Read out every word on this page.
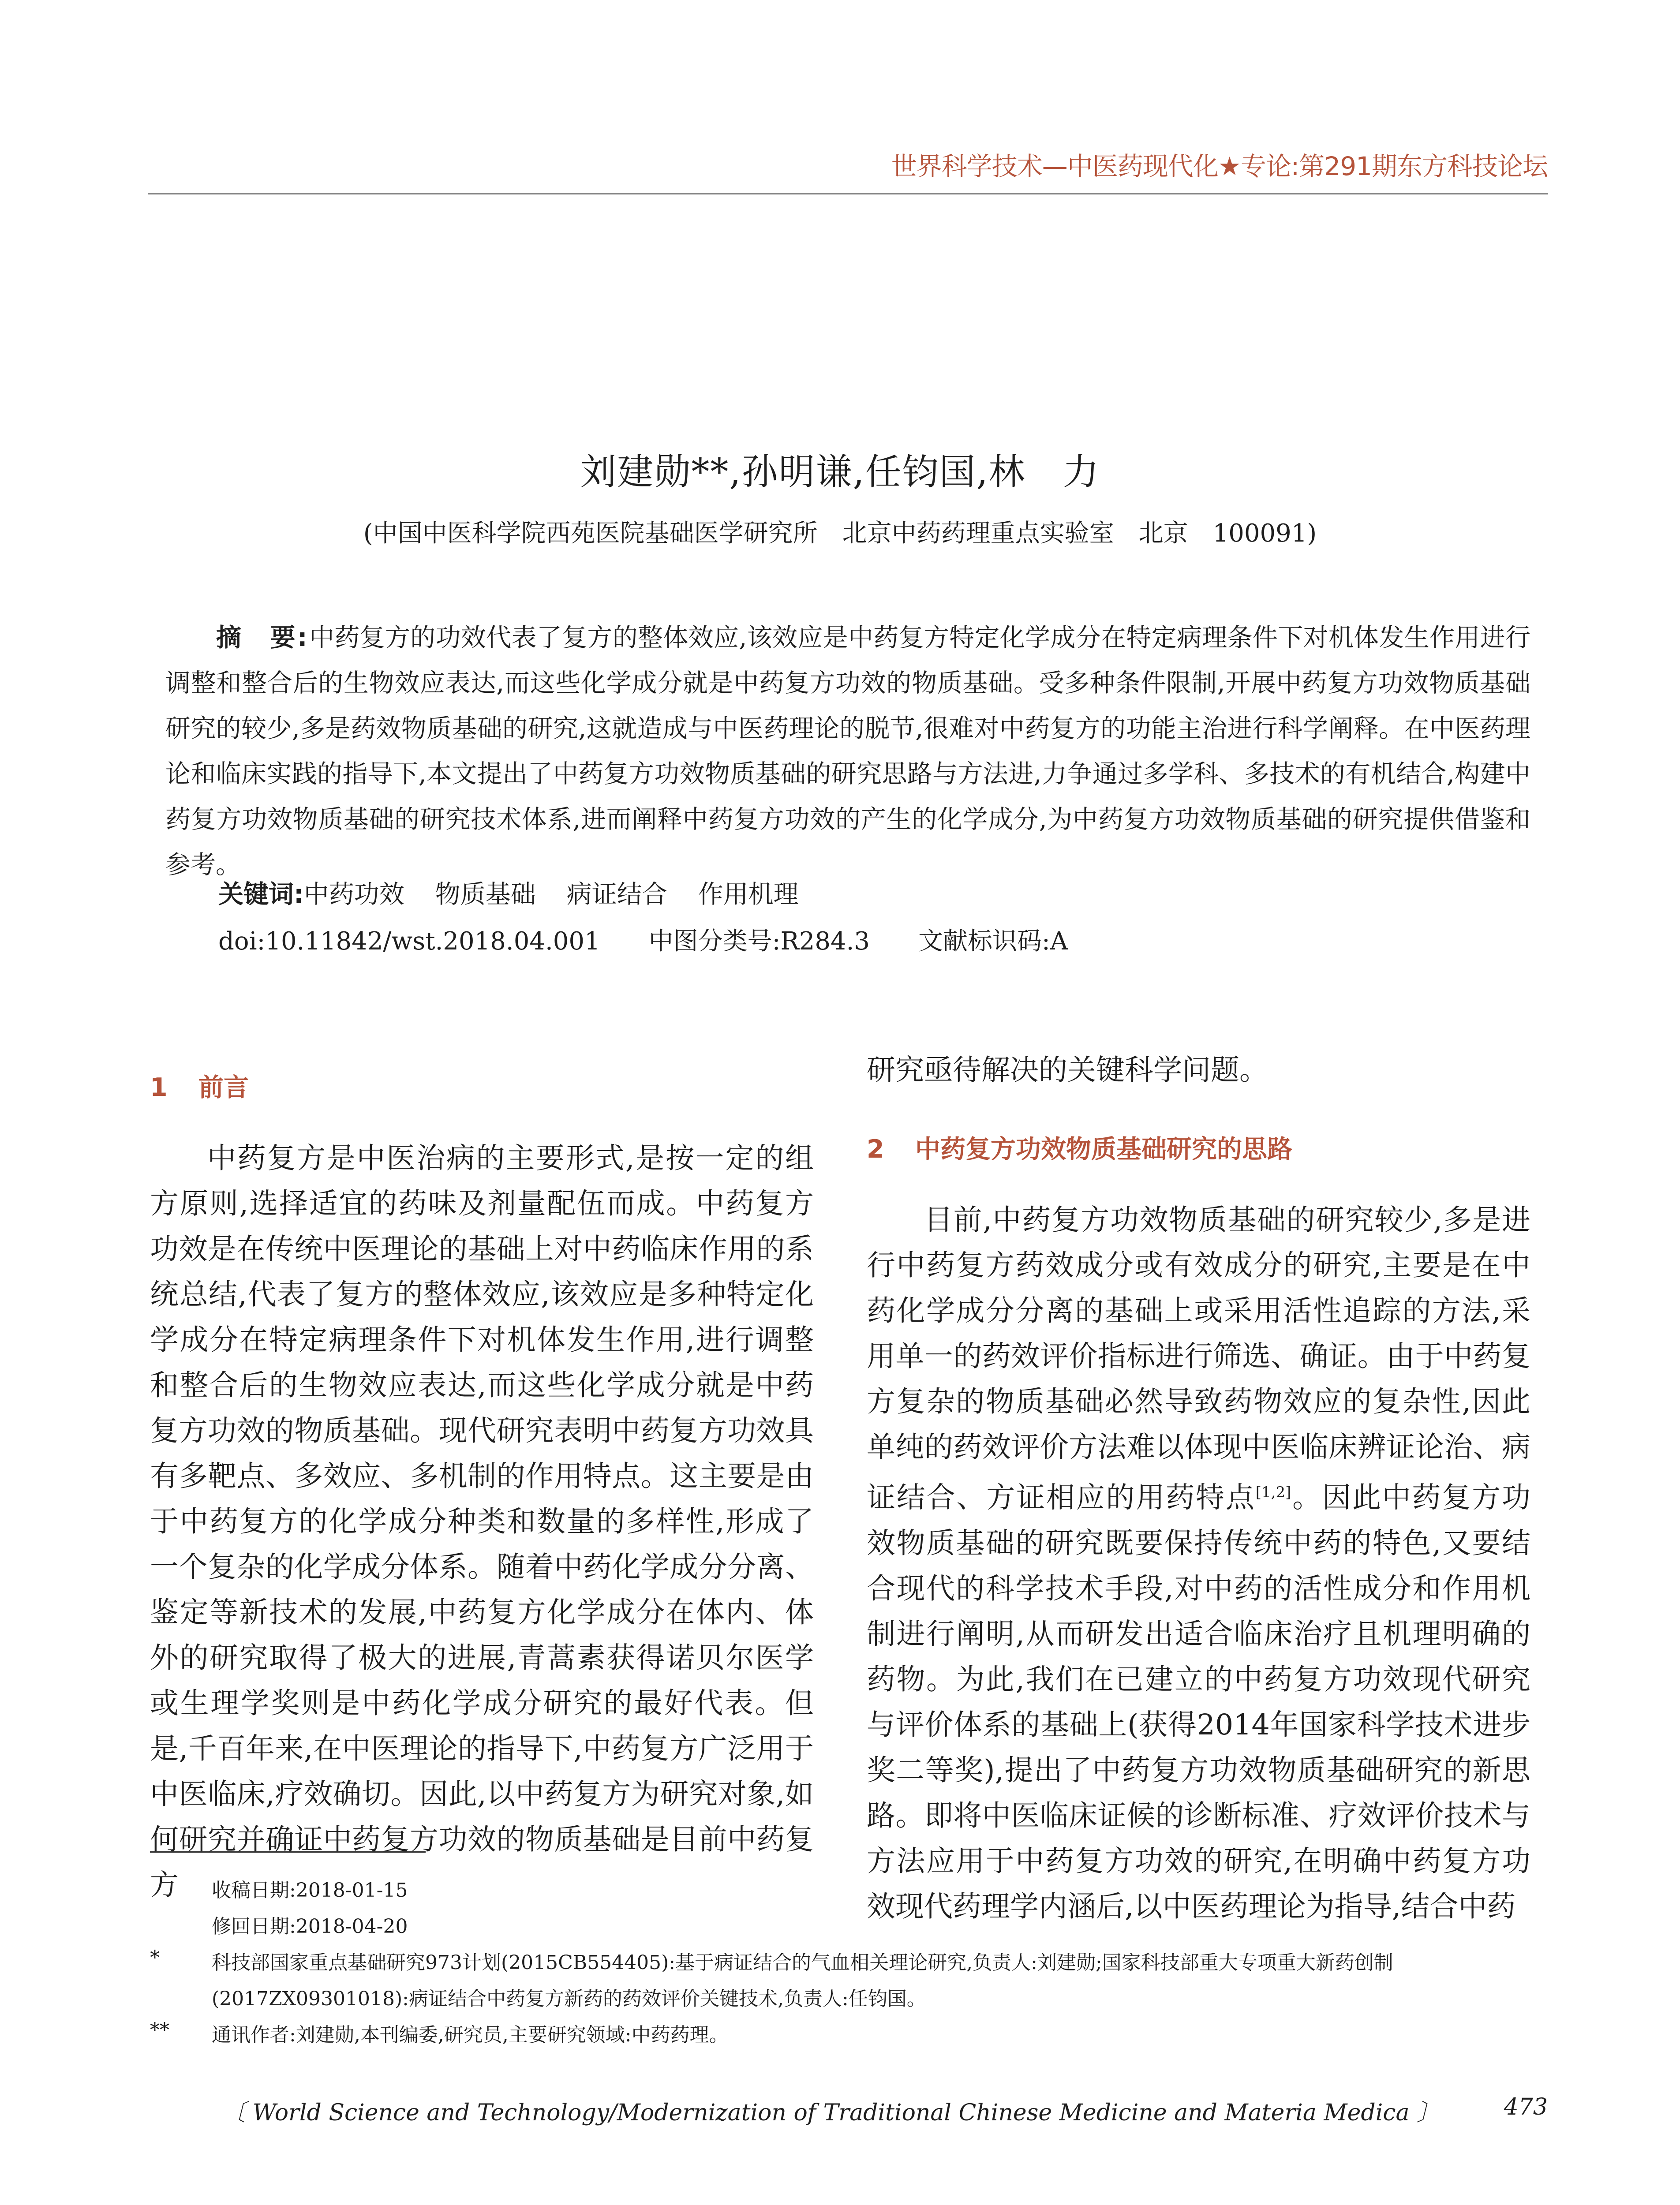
世界科学技术—中医药现代化★专论:第291期东方科技论坛
刘建勋**,孙明谦,任钧国,林　力
(中国中医科学院西苑医院基础医学研究所　北京中药药理重点实验室　北京　100091)
摘　要:中药复方的功效代表了复方的整体效应,该效应是中药复方特定化学成分在特定病理条件下对机体发生作用进行调整和整合后的生物效应表达,而这些化学成分就是中药复方功效的物质基础。受多种条件限制,开展中药复方功效物质基础研究的较少,多是药效物质基础的研究,这就造成与中医药理论的脱节,很难对中药复方的功能主治进行科学阐释。在中医药理论和临床实践的指导下,本文提出了中药复方功效物质基础的研究思路与方法进,力争通过多学科、多技术的有机结合,构建中药复方功效物质基础的研究技术体系,进而阐释中药复方功效的产生的化学成分,为中药复方功效物质基础的研究提供借鉴和参考。
关键词:中药功效 物质基础 病证结合 作用机理
doi:10.11842/wst.2018.04.001 中图分类号:R284.3 文献标识码:A
1 前言

中药复方是中医治病的主要形式,是按一定的组方原则,选择适宜的药味及剂量配伍而成。中药复方功效是在传统中医理论的基础上对中药临床作用的系统总结,代表了复方的整体效应,该效应是多种特定化学成分在特定病理条件下对机体发生作用,进行调整和整合后的生物效应表达,而这些化学成分就是中药复方功效的物质基础。现代研究表明中药复方功效具有多靶点、多效应、多机制的作用特点。这主要是由于中药复方的化学成分种类和数量的多样性,形成了一个复杂的化学成分体系。随着中药化学成分分离、鉴定等新技术的发展,中药复方化学成分在体内、体外的研究取得了极大的进展,青蒿素获得诺贝尔医学或生理学奖则是中药化学成分研究的最好代表。但是,千百年来,在中医理论的指导下,中药复方广泛用于中医临床,疗效确切。因此,以中药复方为研究对象,如何研究并确证中药复方功效的物质基础是目前中药复方

研究亟待解决的关键科学问题。

2 中药复方功效物质基础研究的思路

目前,中药复方功效物质基础的研究较少,多是进行中药复方药效成分或有效成分的研究,主要是在中药化学成分分离的基础上或采用活性追踪的方法,采用单一的药效评价指标进行筛选、确证。由于中药复方复杂的物质基础必然导致药物效应的复杂性,因此单纯的药效评价方法难以体现中医临床辨证论治、病证结合、方证相应的用药特点[1,2]。因此中药复方功效物质基础的研究既要保持传统中药的特色,又要结合现代的科学技术手段,对中药的活性成分和作用机制进行阐明,从而研发出适合临床治疗且机理明确的药物。为此,我们在已建立的中药复方功效现代研究与评价体系的基础上(获得2014年国家科学技术进步奖二等奖),提出了中药复方功效物质基础研究的新思路。即将中医临床证候的诊断标准、疗效评价技术与方法应用于中药复方功效的研究,在明确中药复方功效现代药理学内涵后,以中医药理论为指导,结合中药

收稿日期:2018-01-15
修回日期:2018-04-20
*	科技部国家重点基础研究973计划(2015CB554405):基于病证结合的气血相关理论研究,负责人:刘建勋;国家科技部重大专项重大新药创制
(2017ZX09301018):病证结合中药复方新药的药效评价关键技术,负责人:任钧国。
** 通讯作者:刘建勋,本刊编委,研究员,主要研究领域:中药药理。
〔 World Science and Technology/Modernization of Traditional Chinese Medicine and Materia Medica 〕	473
